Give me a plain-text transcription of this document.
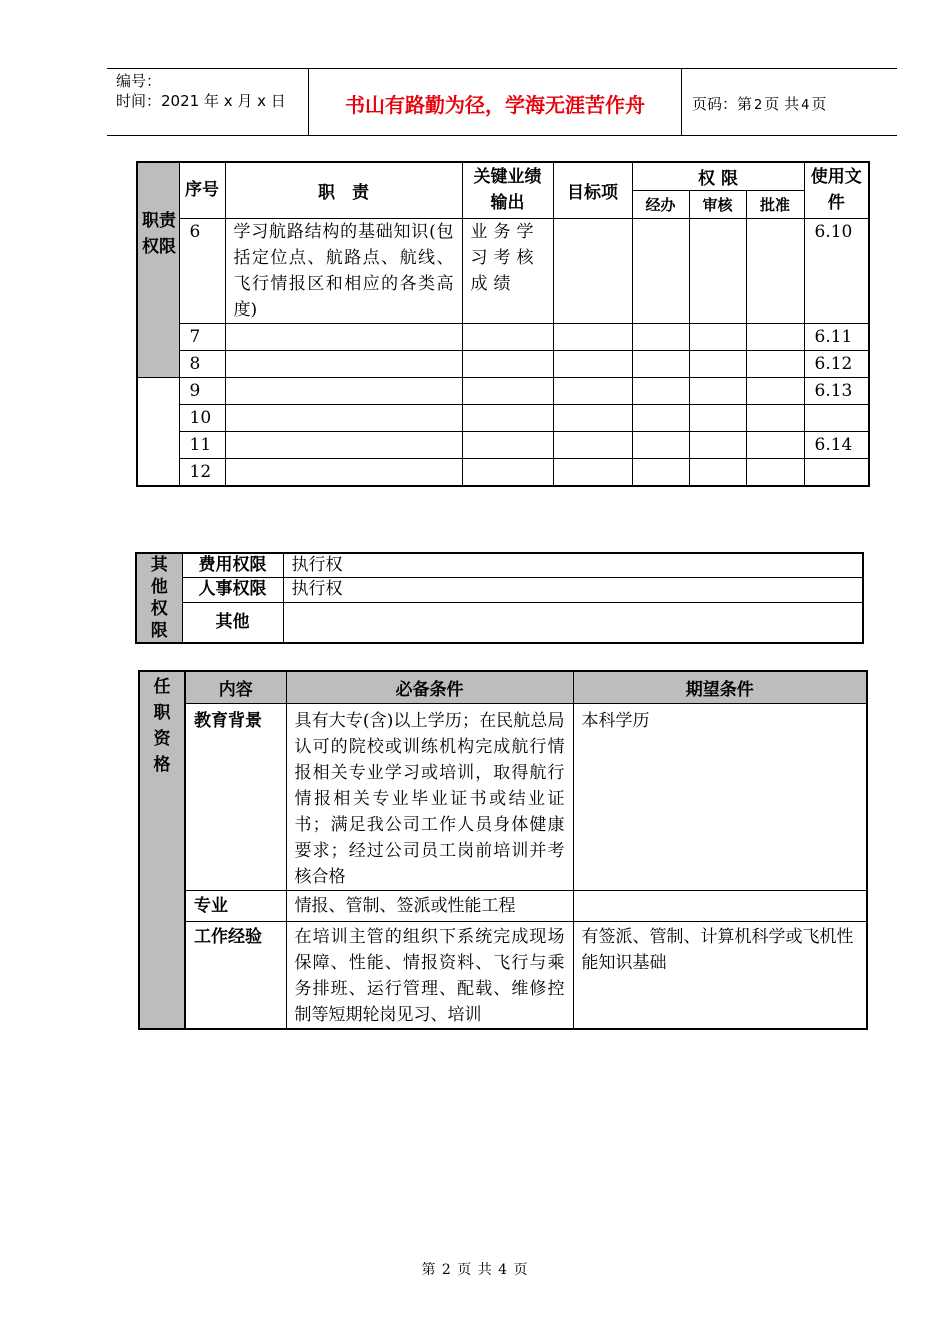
编号：
时间：2021 年 x 月 x 日	书山有路勤为径，学海无涯苦作舟	页码：第 2 页 共 4 页
	序号	职　责	关键业绩输出	目标项	权 限			使用文件
					经办	审核	批准	

职责权限	6	学习航路结构的基础知识(包括定位点、航路点、航线、飞行情报区和相应的各类高度)	业务学习考核成绩					6.10
	7							6.11
	8							6.12
	9							6.13
	10							
	11							6.14
	12							
其他权限	费用权限	执行权
	人事权限	执行权
	其他	
任职资格	内容	必备条件	期望条件
	教育背景	具有大专(含)以上学历；在民航总局认可的院校或训练机构完成航行情报相关专业学习或培训，取得航行情报相关专业毕业证书或结业证书；满足我公司工作人员身体健康要求；经过公司员工岗前培训并考核合格	本科学历
	专业	情报、管制、签派或性能工程	
	工作经验	在培训主管的组织下系统完成现场保障、性能、情报资料、飞行与乘务排班、运行管理、配载、维修控制等短期轮岗见习、培训	有签派、管制、计算机科学或飞机性能知识基础
第 2 页 共 4 页
